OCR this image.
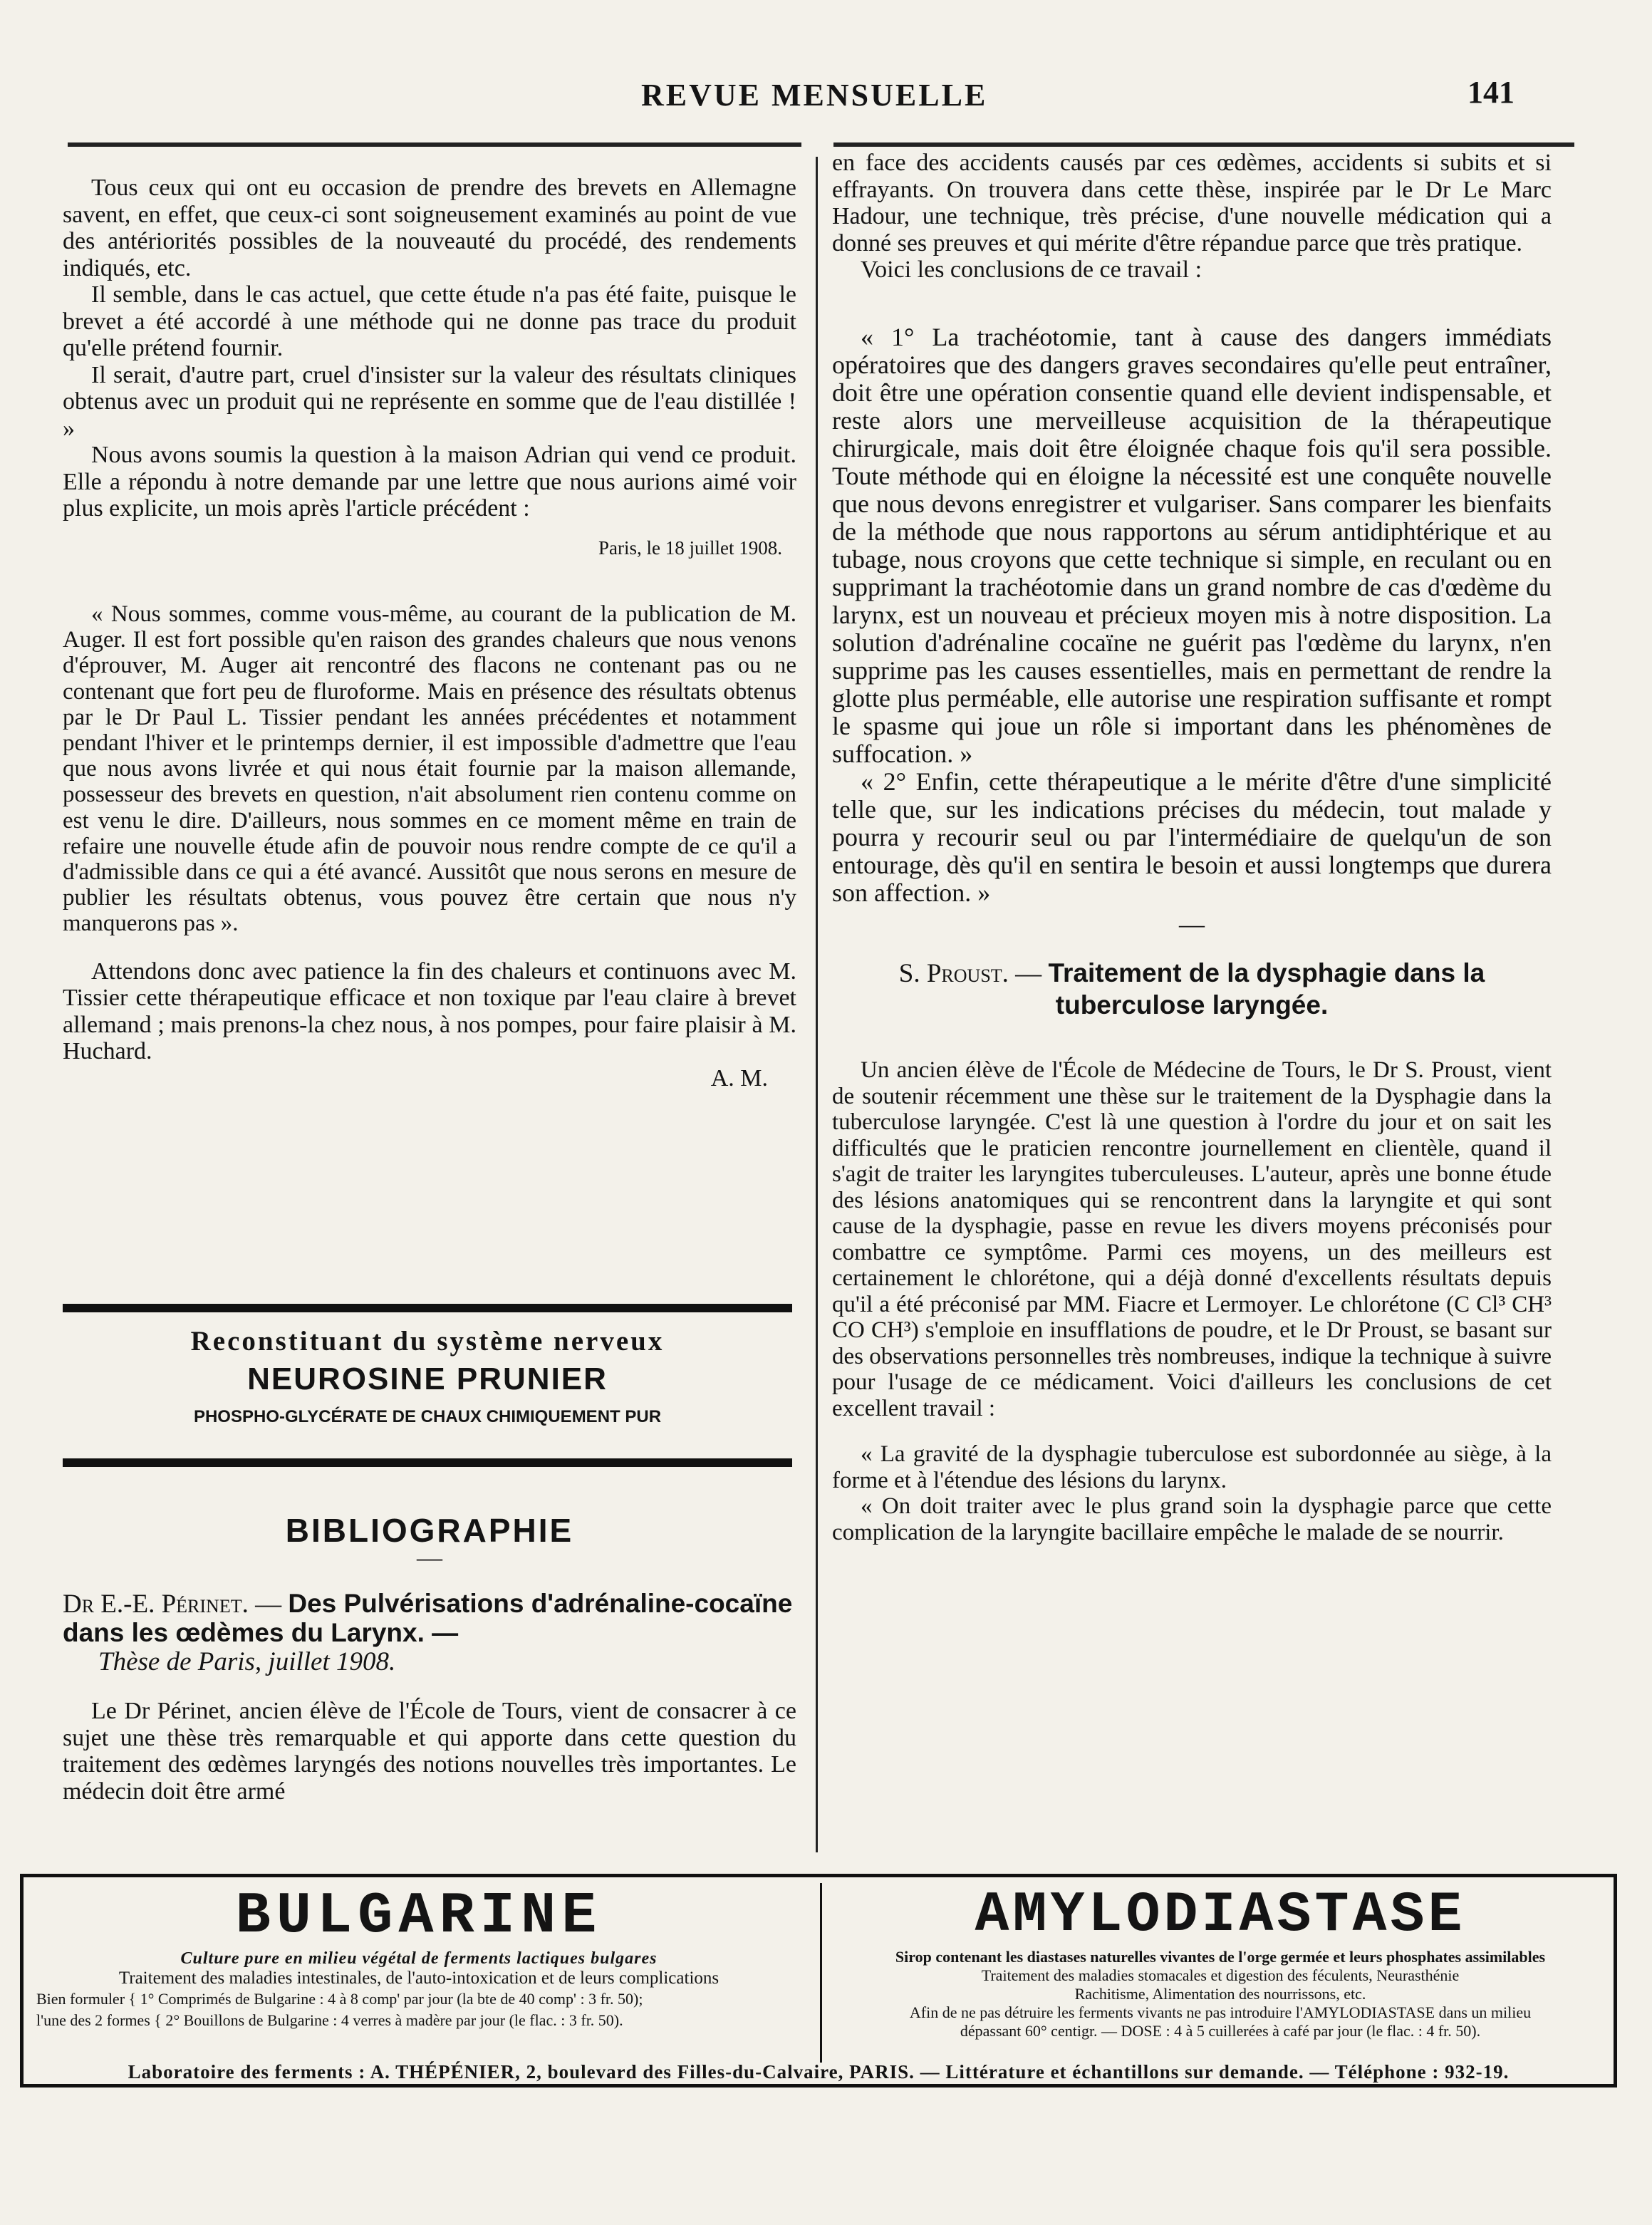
REVUE MENSUELLE	141

Tous ceux qui ont eu occasion de prendre des brevets en Allemagne savent, en effet, que ceux-ci sont soigneusement examinés au point de vue des antériorités possibles de la nouveauté du procédé, des rendements indiqués, etc.

Il semble, dans le cas actuel, que cette étude n'a pas été faite, puisque le brevet a été accordé à une méthode qui ne donne pas trace du produit qu'elle prétend fournir.

Il serait, d'autre part, cruel d'insister sur la valeur des résultats cliniques obtenus avec un produit qui ne représente en somme que de l'eau distillée ! »

Nous avons soumis la question à la maison Adrian qui vend ce produit. Elle a répondu à notre demande par une lettre que nous aurions aimé voir plus explicite, un mois après l'article précédent :

Paris, le 18 juillet 1908.

« Nous sommes, comme vous-même, au courant de la publication de M. Auger. Il est fort possible qu'en raison des grandes chaleurs que nous venons d'éprouver, M. Auger ait rencontré des flacons ne contenant pas ou ne contenant que fort peu de fluroforme. Mais en présence des résultats obtenus par le Dr Paul L. Tissier pendant les années précédentes et notamment pendant l'hiver et le printemps dernier, il est impossible d'admettre que l'eau que nous avons livrée et qui nous était fournie par la maison allemande, possesseur des brevets en question, n'ait absolument rien contenu comme on est venu le dire. D'ailleurs, nous sommes en ce moment même en train de refaire une nouvelle étude afin de pouvoir nous rendre compte de ce qu'il a d'admissible dans ce qui a été avancé. Aussitôt que nous serons en mesure de publier les résultats obtenus, vous pouvez être certain que nous n'y manquerons pas ».

Attendons donc avec patience la fin des chaleurs et continuons avec M. Tissier cette thérapeutique efficace et non toxique par l'eau claire à brevet allemand ; mais prenons-la chez nous, à nos pompes, pour faire plaisir à M. Huchard.

A. M.

Reconstituant du système nerveux
NEUROSINE PRUNIER
PHOSPHO-GLYCÉRATE DE CHAUX CHIMIQUEMENT PUR
BIBLIOGRAPHIE
—

Dr E.-E. Périnet. — Des Pulvérisations d'adrénaline-cocaïne dans les œdèmes du Larynx. —
Thèse de Paris, juillet 1908.

Le Dr Périnet, ancien élève de l'École de Tours, vient de consacrer à ce sujet une thèse très remarquable et qui apporte dans cette question du traitement des œdèmes laryngés des notions nouvelles très importantes. Le médecin doit être armé

en face des accidents causés par ces œdèmes, accidents si subits et si effrayants. On trouvera dans cette thèse, inspirée par le Dr Le Marc Hadour, une technique, très précise, d'une nouvelle médication qui a donné ses preuves et qui mérite d'être répandue parce que très pratique.

Voici les conclusions de ce travail :

« 1° La trachéotomie, tant à cause des dangers immédiats opératoires que des dangers graves secondaires qu'elle peut entraîner, doit être une opération consentie quand elle devient indispensable, et reste alors une merveilleuse acquisition de la thérapeutique chirurgicale, mais doit être éloignée chaque fois qu'il sera possible. Toute méthode qui en éloigne la nécessité est une conquête nouvelle que nous devons enregistrer et vulgariser. Sans comparer les bienfaits de la méthode que nous rapportons au sérum antidiphtérique et au tubage, nous croyons que cette technique si simple, en reculant ou en supprimant la trachéotomie dans un grand nombre de cas d'œdème du larynx, est un nouveau et précieux moyen mis à notre disposition. La solution d'adrénaline cocaïne ne guérit pas l'œdème du larynx, n'en supprime pas les causes essentielles, mais en permettant de rendre la glotte plus perméable, elle autorise une respiration suffisante et rompt le spasme qui joue un rôle si important dans les phénomènes de suffocation. »

« 2° Enfin, cette thérapeutique a le mérite d'être d'une simplicité telle que, sur les indications précises du médecin, tout malade y pourra y recourir seul ou par l'intermédiaire de quelqu'un de son entourage, dès qu'il en sentira le besoin et aussi longtemps que durera son affection. »

—

S. Proust. — Traitement de la dysphagie dans la tuberculose laryngée.

Un ancien élève de l'École de Médecine de Tours, le Dr S. Proust, vient de soutenir récemment une thèse sur le traitement de la Dysphagie dans la tuberculose laryngée. C'est là une question à l'ordre du jour et on sait les difficultés que le praticien rencontre journellement en clientèle, quand il s'agit de traiter les laryngites tuberculeuses. L'auteur, après une bonne étude des lésions anatomiques qui se rencontrent dans la laryngite et qui sont cause de la dysphagie, passe en revue les divers moyens préconisés pour combattre ce symptôme. Parmi ces moyens, un des meilleurs est certainement le chlorétone, qui a déjà donné d'excellents résultats depuis qu'il a été préconisé par MM. Fiacre et Lermoyer. Le chlorétone (C Cl³ CH³ CO CH³) s'emploie en insufflations de poudre, et le Dr Proust, se basant sur des observations personnelles très nombreuses, indique la technique à suivre pour l'usage de ce médicament. Voici d'ailleurs les conclusions de cet excellent travail :

« La gravité de la dysphagie tuberculose est subordonnée au siège, à la forme et à l'étendue des lésions du larynx.

« On doit traiter avec le plus grand soin la dysphagie parce que cette complication de la laryngite bacillaire empêche le malade de se nourrir.

BULGARINE
Culture pure en milieu végétal de ferments lactiques bulgares
Traitement des maladies intestinales, de l'auto-intoxication et de leurs complications
Bien formuler { 1° Comprimés de Bulgarine : 4 à 8 comp' par jour (la bte de 40 comp' : 3 fr. 50);
l'une des 2 formes { 2° Bouillons de Bulgarine : 4 verres à madère par jour (le flac. : 3 fr. 50).
AMYLODIASTASE
Sirop contenant les diastases naturelles vivantes de l'orge germée et leurs phosphates assimilables
Traitement des maladies stomacales et digestion des féculents, Neurasthénie
Rachitisme, Alimentation des nourrissons, etc.
Afin de ne pas détruire les ferments vivants ne pas introduire l'AMYLODIASTASE dans un milieu
dépassant 60° centigr. — DOSE : 4 à 5 cuillerées à café par jour (le flac. : 4 fr. 50).
Laboratoire des ferments : A. THÉPÉNIER, 2, boulevard des Filles-du-Calvaire, PARIS. — Littérature et échantillons sur demande. — Téléphone : 932-19.
